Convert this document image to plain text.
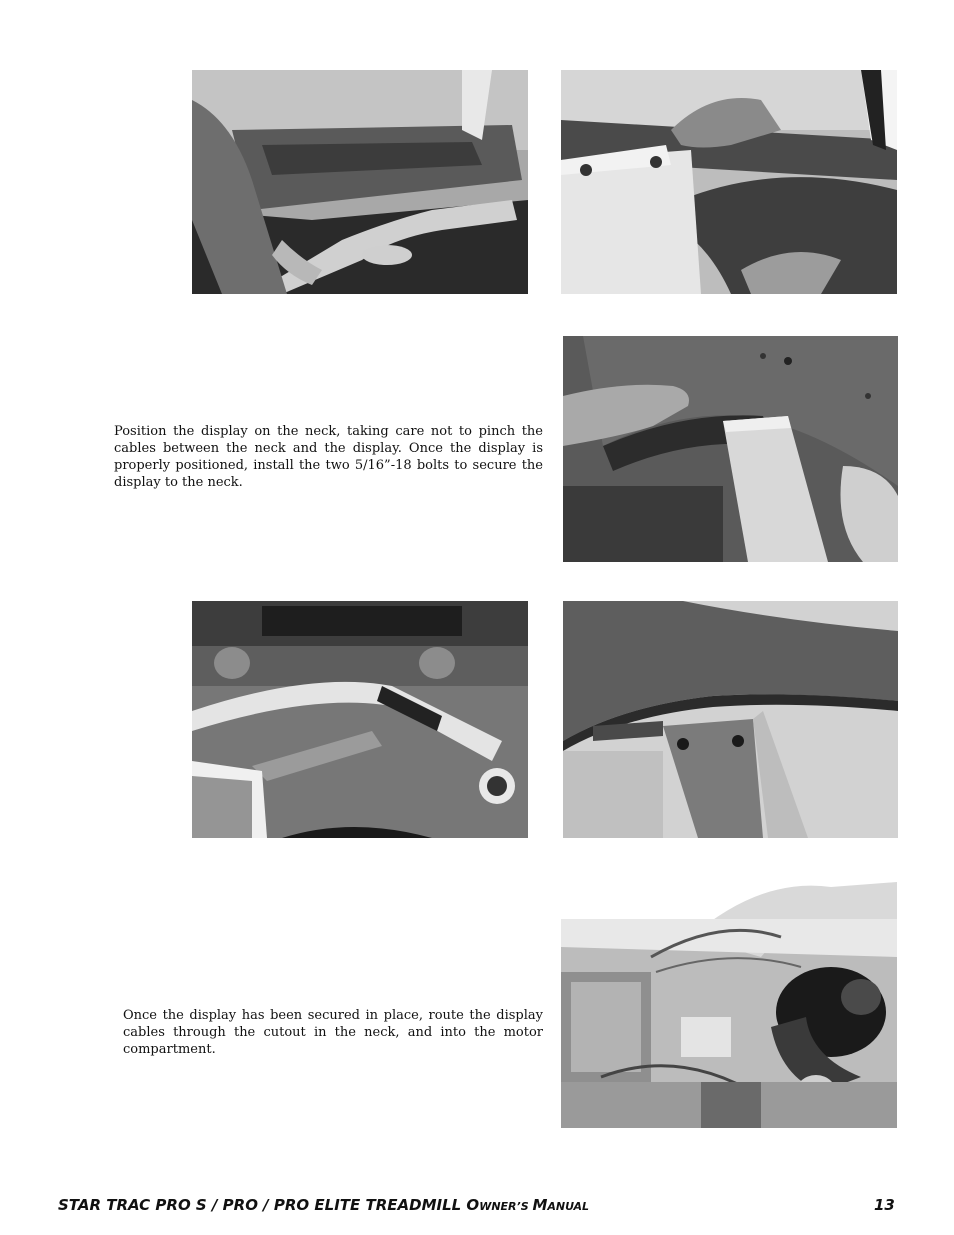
Position the display on the neck, taking care not to pinch the cables between the neck and the display. Once the display is properly positioned, install the two 5/16”-18 bolts to secure the display to the neck.

Once the display has been secured in place, route the display cables through the cutout in the neck, and into the motor compartment.

STAR TRAC PRO S / PRO / PRO ELITE TREADMILL OWNER’S MANUAL	13
